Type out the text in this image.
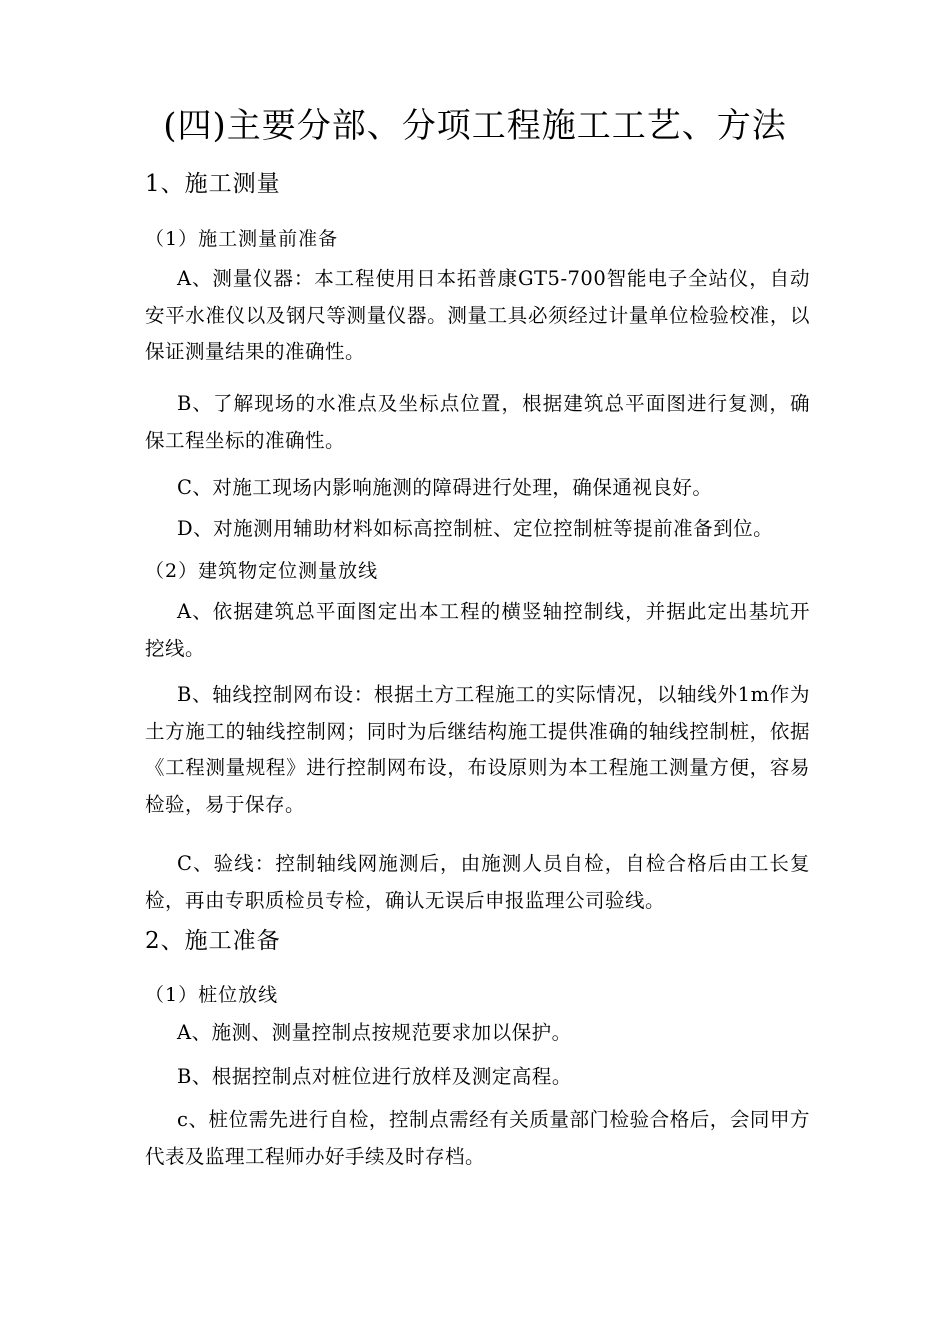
(四)主要分部、分项工程施工工艺、方法
1、施工测量
（1）施工测量前准备

A、测量仪器：本工程使用日本拓普康GT5-700智能电子全站仪，自动安平水准仪以及钢尺等测量仪器。测量工具必须经过计量单位检验校准，以保证测量结果的准确性。

B、了解现场的水准点及坐标点位置，根据建筑总平面图进行复测，确保工程坐标的准确性。

C、对施工现场内影响施测的障碍进行处理，确保通视良好。

D、对施测用辅助材料如标高控制桩、定位控制桩等提前准备到位。

（2）建筑物定位测量放线

A、依据建筑总平面图定出本工程的横竖轴控制线，并据此定出基坑开挖线。

B、轴线控制网布设：根据土方工程施工的实际情况，以轴线外1m作为土方施工的轴线控制网；同时为后继结构施工提供准确的轴线控制桩，依据《工程测量规程》进行控制网布设，布设原则为本工程施工测量方便，容易检验，易于保存。

C、验线：控制轴线网施测后，由施测人员自检，自检合格后由工长复检，再由专职质检员专检，确认无误后申报监理公司验线。

2、施工准备
（1）桩位放线

A、施测、测量控制点按规范要求加以保护。

B、根据控制点对桩位进行放样及测定高程。

c、桩位需先进行自检，控制点需经有关质量部门检验合格后，会同甲方代表及监理工程师办好手续及时存档。
